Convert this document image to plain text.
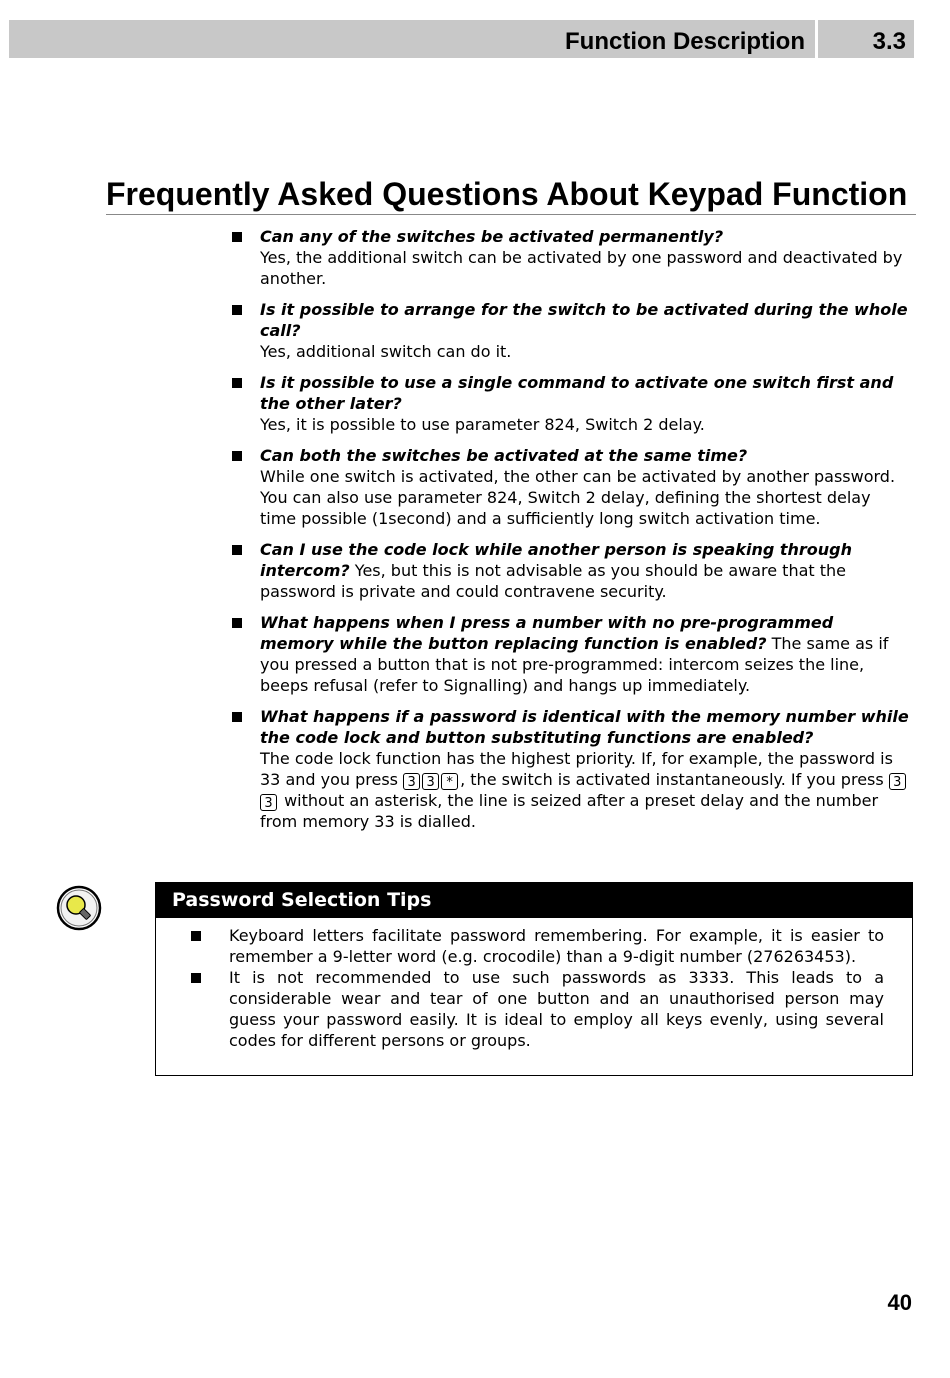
Function Description	3.3
Frequently Asked Questions About Keypad Function
Can any of the switches be activated permanently?
Yes, the additional switch can be activated by one password and deactivated by another.
Is it possible to arrange for the switch to be activated during the whole call?
Yes, additional switch can do it.
Is it possible to use a single command to activate one switch first and the other later?
Yes, it is possible to use parameter 824, Switch 2 delay.
Can both the switches be activated at the same time?
While one switch is activated, the other can be activated by another password. You can also use parameter 824, Switch 2 delay, defining the shortest delay time possible (1second) and a sufficiently long switch activation time.
Can I use the code lock while another person is speaking through intercom? Yes, but this is not advisable as you should be aware that the password is private and could contravene security.
What happens when I press a number with no pre-programmed memory while the button replacing function is enabled? The same as if you pressed a button that is not pre-programmed: intercom seizes the line, beeps refusal (refer to Signalling) and hangs up immediately.
What happens if a password is identical with the memory number while the code lock and button substituting functions are enabled?
The code lock function has the highest priority. If, for example, the password is 33 and you press 3 3 * , the switch is activated instantaneously. If you press 33 without an asterisk, the line is seized after a preset delay and the number from memory 33 is dialled.
Password Selection Tips
Keyboard letters facilitate password remembering. For example, it is easier to remember a 9-letter word (e.g. crocodile) than a 9-digit number (276263453).
It is not recommended to use such passwords as 3333. This leads to a considerable wear and tear of one button and an unauthorised person may guess your password easily. It is ideal to employ all keys evenly, using several codes for different persons or groups.
40
